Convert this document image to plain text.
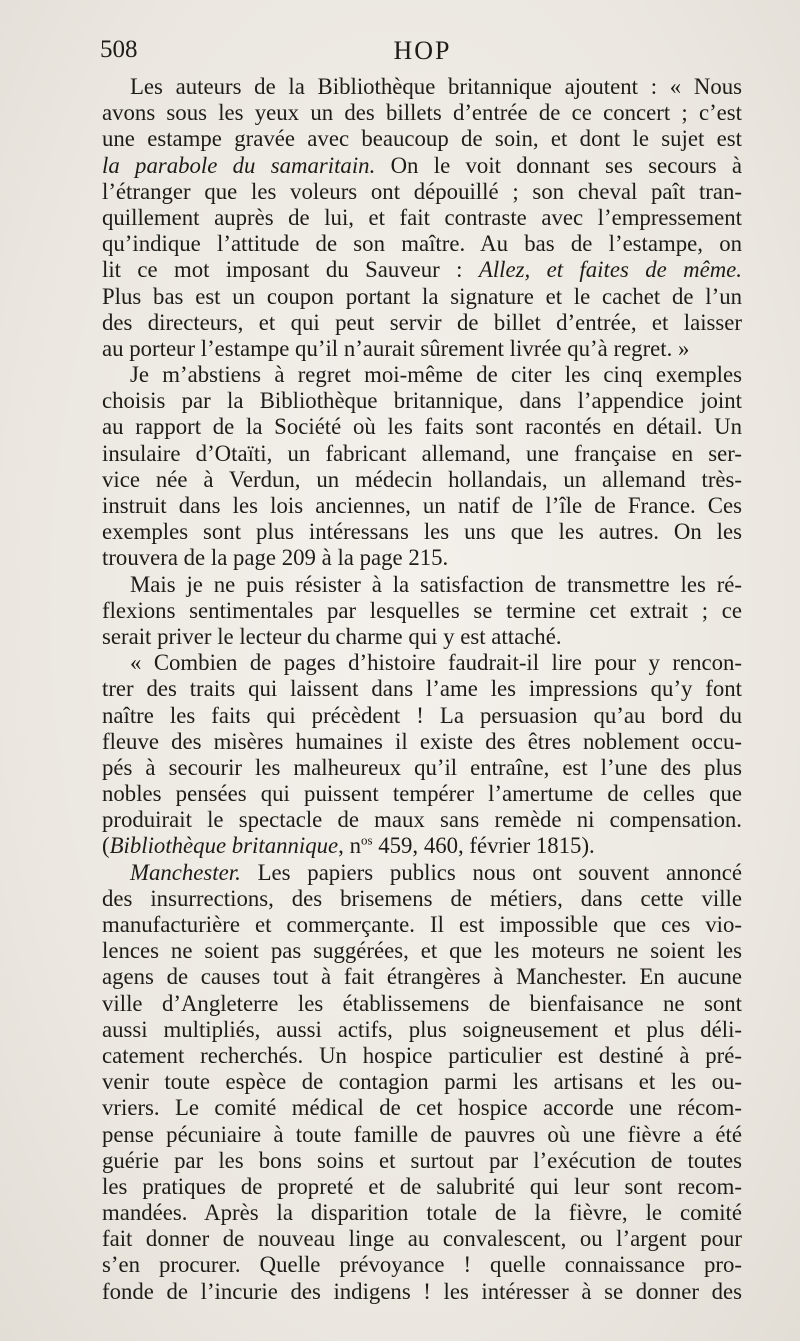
508	HOP
Les auteurs de la Bibliothèque britannique ajoutent : « Nous
avons sous les yeux un des billets d’entrée de ce concert ; c’est
une estampe gravée avec beaucoup de soin, et dont le sujet est
la parabole du samaritain. On le voit donnant ses secours à
l’étranger que les voleurs ont dépouillé ; son cheval paît tran-
quillement auprès de lui, et fait contraste avec l’empressement
qu’indique l’attitude de son maître. Au bas de l’estampe, on
lit ce mot imposant du Sauveur : Allez, et faites de même.
Plus bas est un coupon portant la signature et le cachet de l’un
des directeurs, et qui peut servir de billet d’entrée, et laisser
au porteur l’estampe qu’il n’aurait sûrement livrée qu’à regret. »
Je m’abstiens à regret moi-même de citer les cinq exemples
choisis par la Bibliothèque britannique, dans l’appendice joint
au rapport de la Société où les faits sont racontés en détail. Un
insulaire d’Otaïti, un fabricant allemand, une française en ser-
vice née à Verdun, un médecin hollandais, un allemand très-
instruit dans les lois anciennes, un natif de l’île de France. Ces
exemples sont plus intéressans les uns que les autres. On les
trouvera de la page 209 à la page 215.
Mais je ne puis résister à la satisfaction de transmettre les ré-
flexions sentimentales par lesquelles se termine cet extrait ; ce
serait priver le lecteur du charme qui y est attaché.
« Combien de pages d’histoire faudrait-il lire pour y rencon-
trer des traits qui laissent dans l’ame les impressions qu’y font
naître les faits qui précèdent ! La persuasion qu’au bord du
fleuve des misères humaines il existe des êtres noblement occu-
pés à secourir les malheureux qu’il entraîne, est l’une des plus
nobles pensées qui puissent tempérer l’amertume de celles que
produirait le spectacle de maux sans remède ni compensation.
(Bibliothèque britannique, $n^{os}$ 459, 460, février 1815).
Manchester. Les papiers publics nous ont souvent annoncé
des insurrections, des brisemens de métiers, dans cette ville
manufacturière et commerçante. Il est impossible que ces vio-
lences ne soient pas suggérées, et que les moteurs ne soient les
agens de causes tout à fait étrangères à Manchester. En aucune
ville d’Angleterre les établissemens de bienfaisance ne sont
aussi multipliés, aussi actifs, plus soigneusement et plus déli-
catement recherchés. Un hospice particulier est destiné à pré-
venir toute espèce de contagion parmi les artisans et les ou-
vriers. Le comité médical de cet hospice accorde une récom-
pense pécuniaire à toute famille de pauvres où une fièvre a été
guérie par les bons soins et surtout par l’exécution de toutes
les pratiques de propreté et de salubrité qui leur sont recom-
mandées. Après la disparition totale de la fièvre, le comité
fait donner de nouveau linge au convalescent, ou l’argent pour
s’en procurer. Quelle prévoyance ! quelle connaissance pro-
fonde de l’incurie des indigens ! les intéresser à se donner des
